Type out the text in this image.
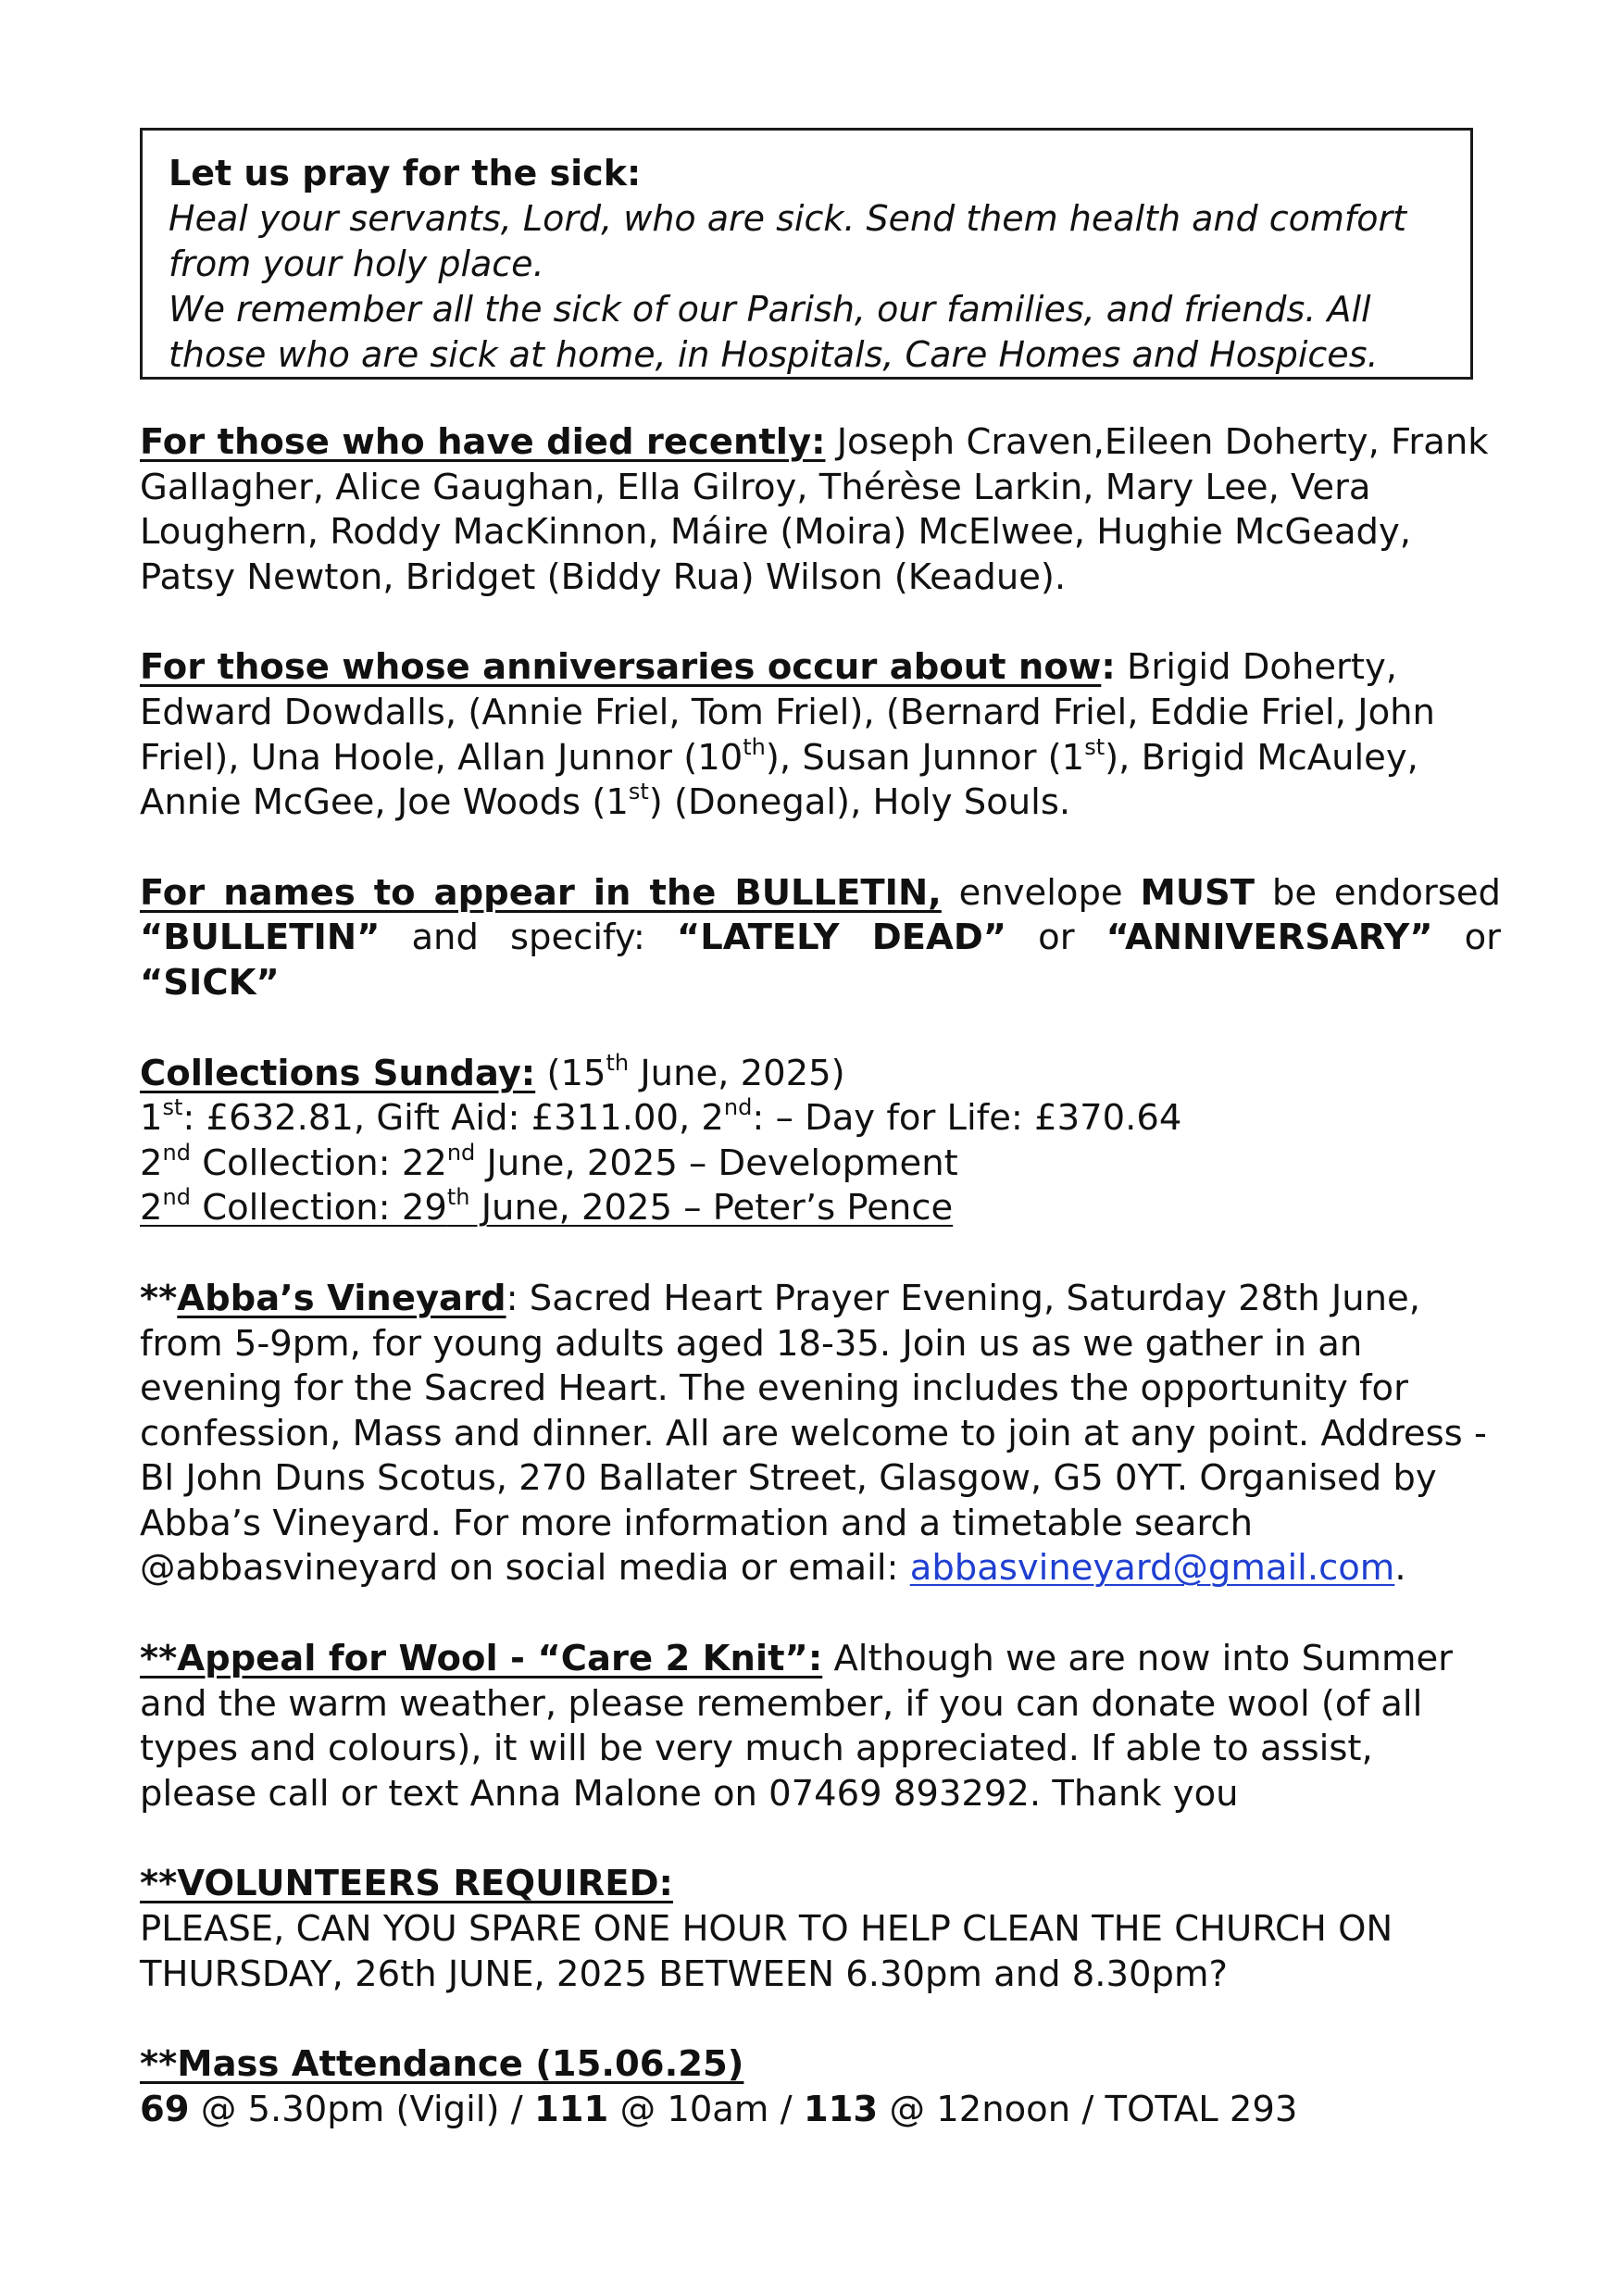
Let us pray for the sick:
Heal your servants, Lord, who are sick. Send them health and comfort
from your holy place.
We remember all the sick of our Parish, our families, and friends. All
those who are sick at home, in Hospitals, Care Homes and Hospices.

For those who have died recently: Joseph Craven,Eileen Doherty, Frank Gallagher, Alice Gaughan, Ella Gilroy, Thérèse Larkin, Mary Lee, Vera Loughern, Roddy MacKinnon, Máire (Moira) McElwee, Hughie McGeady, Patsy Newton, Bridget (Biddy Rua) Wilson (Keadue).

For those whose anniversaries occur about now: Brigid Doherty, Edward Dowdalls, (Annie Friel, Tom Friel), (Bernard Friel, Eddie Friel, John Friel), Una Hoole, Allan Junnor (10th), Susan Junnor (1st), Brigid McAuley, Annie McGee, Joe Woods (1st) (Donegal), Holy Souls.

For names to appear in the BULLETIN, envelope MUST be endorsed “BULLETIN” and specify: “LATELY DEAD” or “ANNIVERSARY” or “SICK”

Collections Sunday: (15th June, 2025)
1st: £632.81, Gift Aid: £311.00, 2nd: – Day for Life: £370.64
2nd Collection: 22nd June, 2025 – Development
2nd Collection: 29th June, 2025 – Peter’s Pence

**Abba’s Vineyard: Sacred Heart Prayer Evening, Saturday 28th June, from 5-9pm, for young adults aged 18-35. Join us as we gather in an evening for the Sacred Heart. The evening includes the opportunity for confession, Mass and dinner. All are welcome to join at any point. Address - Bl John Duns Scotus, 270 Ballater Street, Glasgow, G5 0YT. Organised by Abba’s Vineyard. For more information and a timetable search @abbasvineyard on social media or email: abbasvineyard@gmail.com.

**Appeal for Wool - “Care 2 Knit”: Although we are now into Summer and the warm weather, please remember, if you can donate wool (of all types and colours), it will be very much appreciated. If able to assist, please call or text Anna Malone on 07469 893292. Thank you

**VOLUNTEERS REQUIRED:
PLEASE, CAN YOU SPARE ONE HOUR TO HELP CLEAN THE CHURCH ON THURSDAY, 26th JUNE, 2025 BETWEEN 6.30pm and 8.30pm?
**Mass Attendance (15.06.25)
69 @ 5.30pm (Vigil) / 111 @ 10am / 113 @ 12noon / TOTAL 293
